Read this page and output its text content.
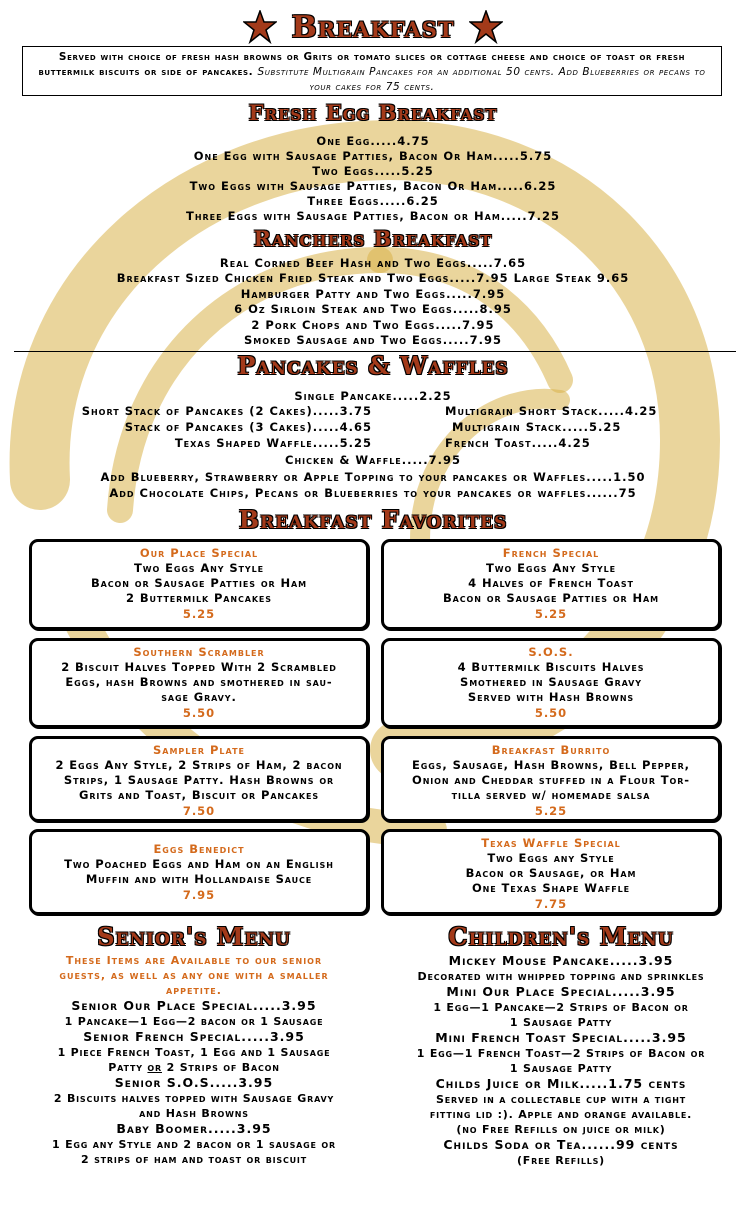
Breakfast
Served with choice of fresh hash browns or Grits or tomato slices or cottage cheese and choice of toast or fresh buttermilk biscuits or side of pancakes. Substitute Multigrain Pancakes for an additional 50 cents. Add Blueberries or pecans to your cakes for 75 cents.
Fresh Egg Breakfast
One Egg.....4.75
One Egg with Sausage Patties, Bacon Or Ham.....5.75
Two Eggs.....5.25
Two Eggs with Sausage Patties, Bacon Or Ham.....6.25
Three Eggs.....6.25
Three Eggs with Sausage Patties, Bacon or Ham.....7.25
Ranchers Breakfast
Real Corned Beef Hash and Two Eggs.....7.65
Breakfast Sized Chicken Fried Steak and Two Eggs.....7.95 Large Steak 9.65
Hamburger Patty and Two Eggs.....7.95
6 Oz Sirloin Steak and Two Eggs.....8.95
2 Pork Chops and Two Eggs.....7.95
Smoked Sausage and Two Eggs.....7.95
Pancakes & Waffles
Single Pancake.....2.25
Short Stack of Pancakes (2 Cakes).....3.75	Multigrain Short Stack.....4.25
Stack of Pancakes (3 Cakes).....4.65	Multigrain Stack.....5.25
Texas Shaped Waffle.....5.25	French Toast.....4.25
Chicken & Waffle.....7.95
Add Blueberry, Strawberry or Apple Topping to your pancakes or Waffles.....1.50
Add Chocolate Chips, Pecans or Blueberries to your pancakes or waffles......75
Breakfast Favorites
Our Place Special
Two Eggs Any Style
Bacon or Sausage Patties or Ham
2 Buttermilk Pancakes
5.25
French Special
Two Eggs Any Style
4 Halves of French Toast
Bacon or Sausage Patties or Ham
5.25
Southern Scrambler
2 Biscuit Halves Topped With 2 Scrambled
Eggs, hash Browns and smothered in sau-
sage Gravy.
5.50
S.O.S.
4 Buttermilk Biscuits Halves
Smothered in Sausage Gravy
Served with Hash Browns
5.50
Sampler Plate
2 Eggs Any Style, 2 Strips of Ham, 2 bacon
Strips, 1 Sausage Patty. Hash Browns or
Grits and Toast, Biscuit or Pancakes
7.50
Breakfast Burrito
Eggs, Sausage, Hash Browns, Bell Pepper,
Onion and Cheddar stuffed in a Flour Tor-
tilla served w/ homemade salsa
5.25
Eggs Benedict
Two Poached Eggs and Ham on an English
Muffin and with Hollandaise Sauce
7.95
Texas Waffle Special
Two Eggs any Style
Bacon or Sausage, or Ham
One Texas Shape Waffle
7.75
Senior's Menu
These Items are Available to our senior
guests, as well as any one with a smaller
appetite.
Senior Our Place Special.....3.95
1 Pancake—1 Egg—2 bacon or 1 Sausage
Senior French Special.....3.95
1 Piece French Toast, 1 Egg and 1 Sausage
Patty or 2 Strips of Bacon
Senior S.O.S.....3.95
2 Biscuits halves topped with Sausage Gravy
and Hash Browns
Baby Boomer.....3.95
1 Egg any Style and 2 bacon or 1 sausage or
2 strips of ham and toast or biscuit
Children's Menu
Mickey Mouse Pancake.....3.95
Decorated with whipped topping and sprinkles
Mini Our Place Special.....3.95
1 Egg—1 Pancake—2 Strips of Bacon or
1 Sausage Patty
Mini French Toast Special.....3.95
1 Egg—1 French Toast—2 Strips of Bacon or
1 Sausage Patty
Childs Juice or Milk.....1.75 cents
Served in a collectable cup with a tight
fitting lid :). Apple and orange available.
(no Free Refills on juice or milk)
Childs Soda or Tea......99 cents
(Free Refills)
